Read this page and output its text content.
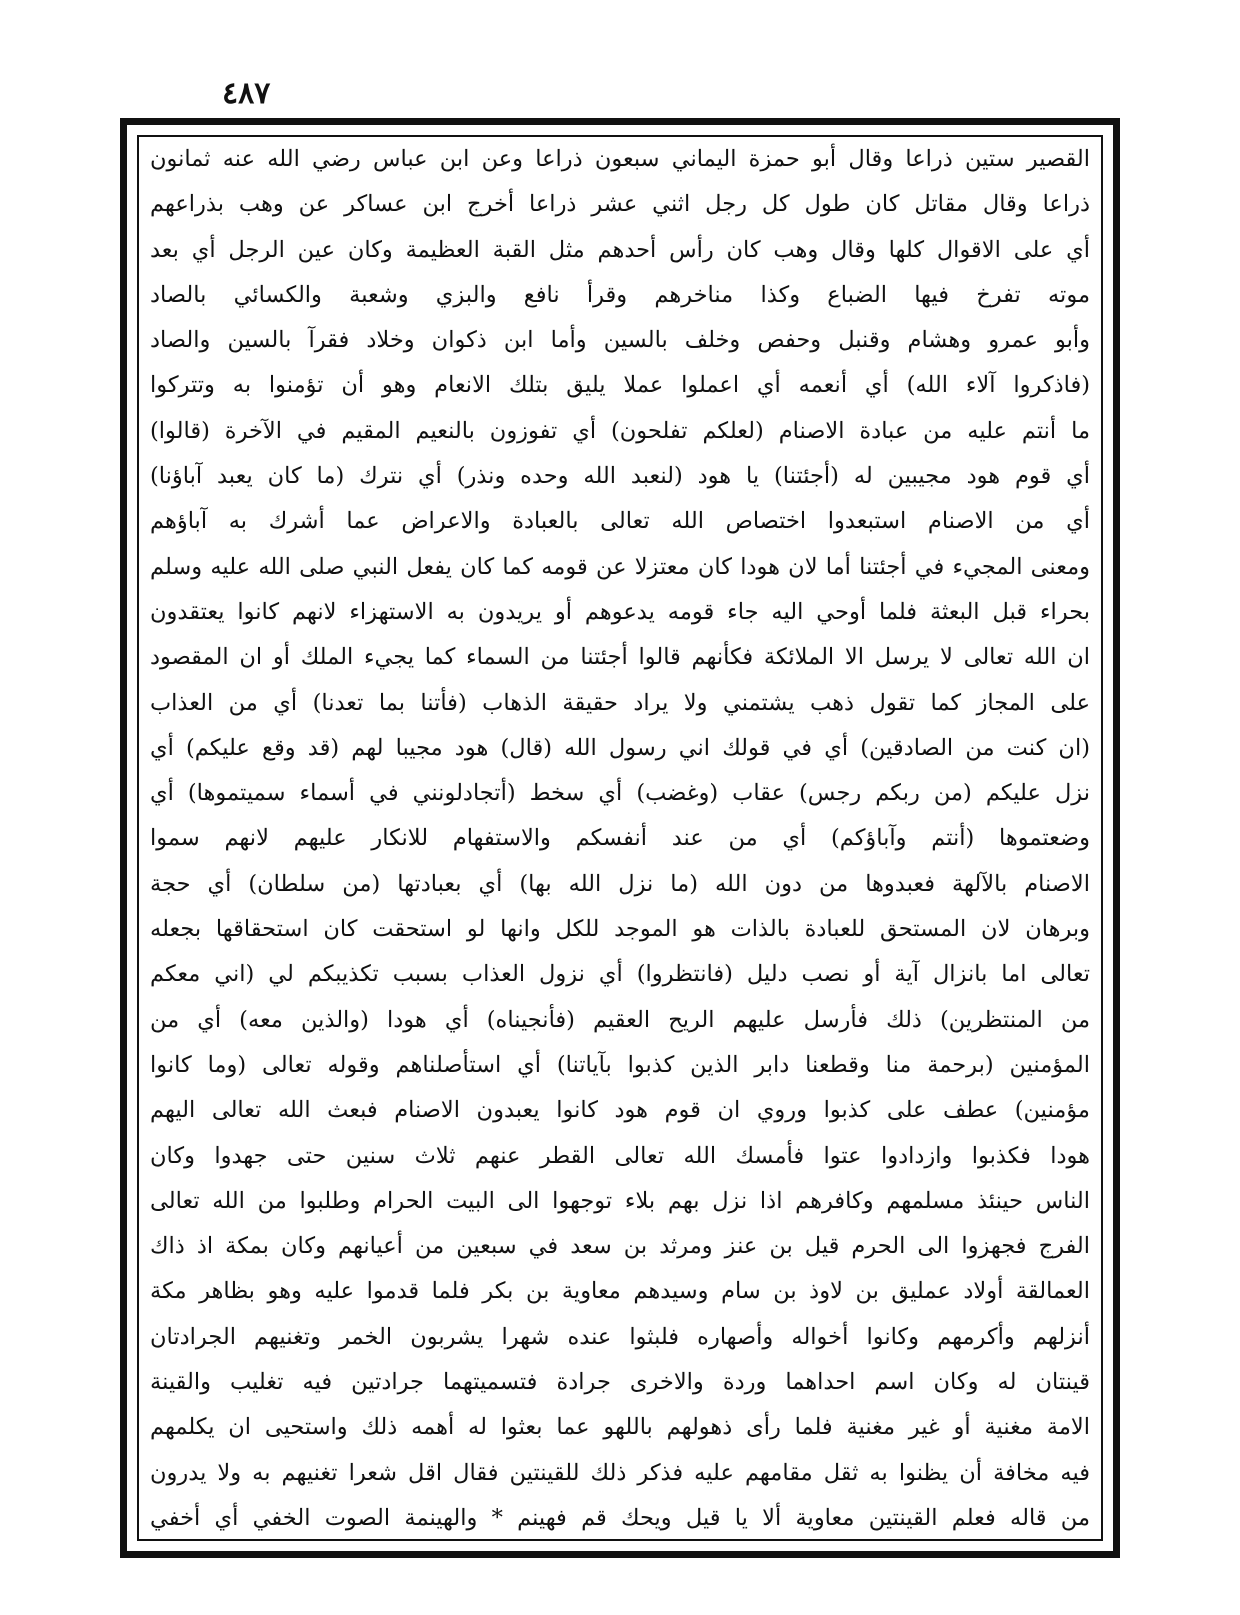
٤٨٧
القصير ستين ذراعا وقال أبو حمزة اليماني سبعون ذراعا وعن ابن عباس رضي الله عنه ثمانون
ذراعا وقال مقاتل كان طول كل رجل اثني عشر ذراعا أخرج ابن عساكر عن وهب بذراعهم
أي على الاقوال كلها وقال وهب كان رأس أحدهم مثل القبة العظيمة وكان عين الرجل أي بعد
موته تفرخ فيها الضباع وكذا مناخرهم وقرأ نافع والبزي وشعبة والكسائي بالصاد
وأبو عمرو وهشام وقنبل وحفص وخلف بالسين وأما ابن ذكوان وخلاد فقرآ بالسين والصاد
(فاذكروا آلاء الله) أي أنعمه أي اعملوا عملا يليق بتلك الانعام وهو أن تؤمنوا به وتتركوا
ما أنتم عليه من عبادة الاصنام (لعلكم تفلحون) أي تفوزون بالنعيم المقيم في الآخرة (قالوا)
أي قوم هود مجيبين له (أجئتنا) يا هود (لنعبد الله وحده ونذر) أي نترك (ما كان يعبد آباؤنا)
أي من الاصنام استبعدوا اختصاص الله تعالى بالعبادة والاعراض عما أشرك به آباؤهم
ومعنى المجيء في أجئتنا أما لان هودا كان معتزلا عن قومه كما كان يفعل النبي صلى الله عليه وسلم
بحراء قبل البعثة فلما أوحي اليه جاء قومه يدعوهم أو يريدون به الاستهزاء لانهم كانوا يعتقدون
ان الله تعالى لا يرسل الا الملائكة فكأنهم قالوا أجئتنا من السماء كما يجيء الملك أو ان المقصود
على المجاز كما تقول ذهب يشتمني ولا يراد حقيقة الذهاب (فأتنا بما تعدنا) أي من العذاب
(ان كنت من الصادقين) أي في قولك اني رسول الله (قال) هود مجيبا لهم (قد وقع عليكم) أي
نزل عليكم (من ربكم رجس) عقاب (وغضب) أي سخط (أتجادلونني في أسماء سميتموها) أي
وضعتموها (أنتم وآباؤكم) أي من عند أنفسكم والاستفهام للانكار عليهم لانهم سموا
الاصنام بالآلهة فعبدوها من دون الله (ما نزل الله بها) أي بعبادتها (من سلطان) أي حجة
وبرهان لان المستحق للعبادة بالذات هو الموجد للكل وانها لو استحقت كان استحقاقها بجعله
تعالى اما بانزال آية أو نصب دليل (فانتظروا) أي نزول العذاب بسبب تكذيبكم لي (اني معكم
من المنتظرين) ذلك فأرسل عليهم الريح العقيم (فأنجيناه) أي هودا (والذين معه) أي من
المؤمنين (برحمة منا وقطعنا دابر الذين كذبوا بآياتنا) أي استأصلناهم وقوله تعالى (وما كانوا
مؤمنين) عطف على كذبوا وروي ان قوم هود كانوا يعبدون الاصنام فبعث الله تعالى اليهم
هودا فكذبوا وازدادوا عتوا فأمسك الله تعالى القطر عنهم ثلاث سنين حتى جهدوا وكان
الناس حينئذ مسلمهم وكافرهم اذا نزل بهم بلاء توجهوا الى البيت الحرام وطلبوا من الله تعالى
الفرج فجهزوا الى الحرم قيل بن عنز ومرثد بن سعد في سبعين من أعيانهم وكان بمكة اذ ذاك
العمالقة أولاد عمليق بن لاوذ بن سام وسيدهم معاوية بن بكر فلما قدموا عليه وهو بظاهر مكة
أنزلهم وأكرمهم وكانوا أخواله وأصهاره فلبثوا عنده شهرا يشربون الخمر وتغنيهم الجرادتان
قينتان له وكان اسم احداهما وردة والاخرى جرادة فتسميتهما جرادتين فيه تغليب والقينة
الامة مغنية أو غير مغنية فلما رأى ذهولهم باللهو عما بعثوا له أهمه ذلك واستحيى ان يكلمهم
فيه مخافة أن يظنوا به ثقل مقامهم عليه فذكر ذلك للقينتين فقال اقل شعرا تغنيهم به ولا يدرون
من قاله فعلم القينتين معاوية ألا يا قيل ويحك قم فهينم * والهينمة الصوت الخفي أي أخفي
